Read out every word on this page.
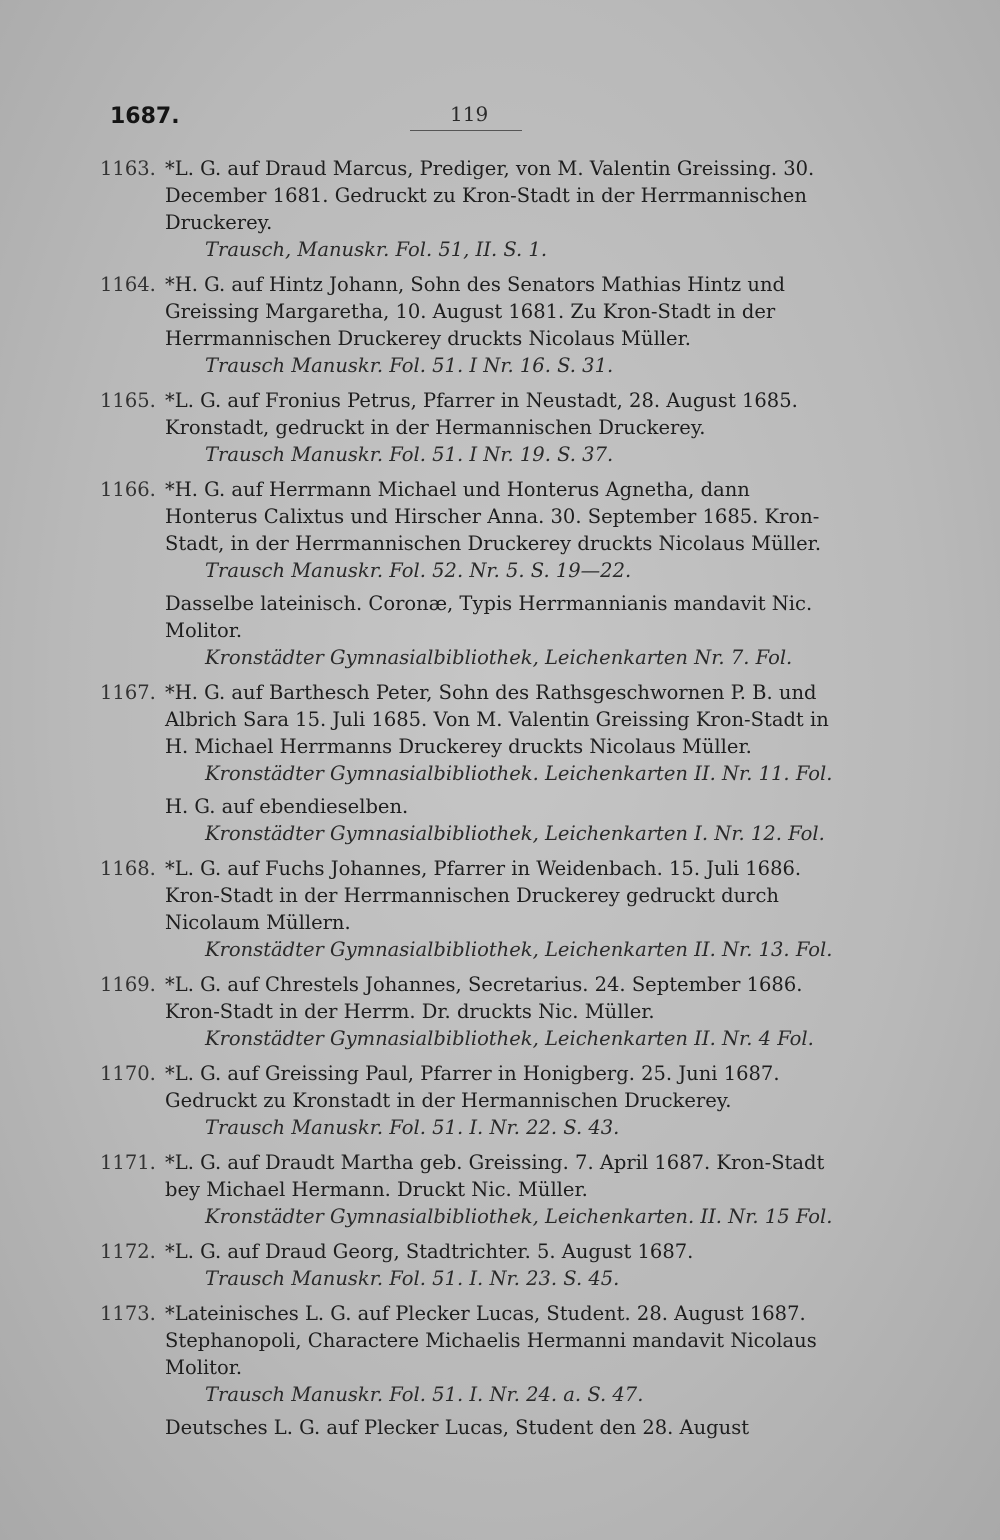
1687.	119
1163. *L. G. auf Draud Marcus, Prediger, von M. Valentin Greissing. 30. December 1681. Gedruckt zu Kron-Stadt in der Herrmannischen Druckerey.
Trausch, Manuskr. Fol. 51, II. S. 1.
1164. *H. G. auf Hintz Johann, Sohn des Senators Mathias Hintz und Greissing Margaretha, 10. August 1681. Zu Kron-Stadt in der Herrmannischen Druckerey druckts Nicolaus Müller.
Trausch Manuskr. Fol. 51. I Nr. 16. S. 31.
1165. *L. G. auf Fronius Petrus, Pfarrer in Neustadt, 28. August 1685. Kronstadt, gedruckt in der Hermannischen Druckerey.
Trausch Manuskr. Fol. 51. I Nr. 19. S. 37.
1166. *H. G. auf Herrmann Michael und Honterus Agnetha, dann Honterus Calixtus und Hirscher Anna. 30. September 1685. Kron-Stadt, in der Herrmannischen Druckerey druckts Nicolaus Müller.
Trausch Manuskr. Fol. 52. Nr. 5. S. 19—22.
Dasselbe lateinisch. Coronæ, Typis Herrmannianis mandavit Nic. Molitor.
Kronstädter Gymnasialbibliothek, Leichenkarten Nr. 7. Fol.
1167. *H. G. auf Barthesch Peter, Sohn des Rathsgeschwornen P. B. und Albrich Sara 15. Juli 1685. Von M. Valentin Greissing Kron-Stadt in H. Michael Herrmanns Druckerey druckts Nicolaus Müller.
Kronstädter Gymnasialbibliothek. Leichenkarten II. Nr. 11. Fol.
H. G. auf ebendieselben.
Kronstädter Gymnasialbibliothek, Leichenkarten I. Nr. 12. Fol.
1168. *L. G. auf Fuchs Johannes, Pfarrer in Weidenbach. 15. Juli 1686. Kron-Stadt in der Herrmannischen Druckerey gedruckt durch Nicolaum Müllern.
Kronstädter Gymnasialbibliothek, Leichenkarten II. Nr. 13. Fol.
1169. *L. G. auf Chrestels Johannes, Secretarius. 24. September 1686. Kron-Stadt in der Herrm. Dr. druckts Nic. Müller.
Kronstädter Gymnasialbibliothek, Leichenkarten II. Nr. 4 Fol.
1170. *L. G. auf Greissing Paul, Pfarrer in Honigberg. 25. Juni 1687. Gedruckt zu Kronstadt in der Hermannischen Druckerey.
Trausch Manuskr. Fol. 51. I. Nr. 22. S. 43.
1171. *L. G. auf Draudt Martha geb. Greissing. 7. April 1687. Kron-Stadt bey Michael Hermann. Druckt Nic. Müller.
Kronstädter Gymnasialbibliothek, Leichenkarten. II. Nr. 15 Fol.
1172. *L. G. auf Draud Georg, Stadtrichter. 5. August 1687.
Trausch Manuskr. Fol. 51. I. Nr. 23. S. 45.
1173. *Lateinisches L. G. auf Plecker Lucas, Student. 28. August 1687. Stephanopoli, Charactere Michaelis Hermanni mandavit Nicolaus Molitor.
Trausch Manuskr. Fol. 51. I. Nr. 24. a. S. 47.
Deutsches L. G. auf Plecker Lucas, Student den 28. August
